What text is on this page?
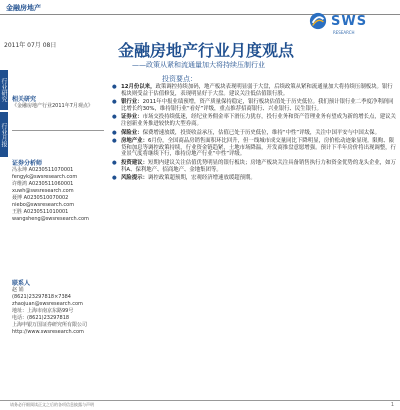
金融房地产
2011年 07月 08日
SWS
RESEARCH
行业研究
行业月报
金融房地产行业月度观点
——政策从紧和流通量加大将持续压制行业
投资要点：
相关研究
《金融房地产行业2011年7月观点》
证券分析师
冯永坤 A0230511070001
fengyk@swsresearch.com
许维鸿 A0230511060001
xuwh@swsresearch.com
聂博 A0230510070002
niebo@swsresearch.com
王胜 A0230511010001
wangsheng@swsresearch.com
联系人
赵 娟
(8621)23297818×7384
zhaojuan@swsresearch.com
地址：上海市南京东路99号
电话：(8621)23297818
上海申银万国证券研究所有限公司
http://www.swsresearch.com
● 12月份以来，政策调控持续加码，地产板块表现明显弱于大盘，后续政策从紧和流通量加大将持续压制板块。银行板块则受益于估值修复，表现明显好于大盘。建议关注低估值银行股。
● 银行业：2011年中报业绩预增，资产质量保持稳定，银行板块估值处于历史低位。我们预计银行业二季度净利润同比增长约30%，维持银行业“看好”评级，重点推荐招商银行、兴业银行、民生银行。
● 证券业：市场交投持续低迷，经纪业务佣金率下滑压力犹存，投行业务和资产管理业务有望成为新的增长点，建议关注创新业务推进较快的大型券商。
● 保险业：保费增速放缓，投资收益承压，估值已处于历史低位，维持“中性”评级，关注中国平安与中国太保。
● 房地产业：6月份，全国商品房销售面积环比回升，但一线城市成交量同比下降明显，房价松动迹象显现。限购、限贷和加息等调控政策持续，行业资金链趋紧，土地市场降温，开发商推盘意愿增强。预计下半年房价将出现调整，行业景气度将继续下行，维持房地产行业“中性”评级。
● 投资建议：短期内建议关注估值优势明显的银行板块；房地产板块关注具备销售执行力和资金优势的龙头企业，如万科A、保利地产、招商地产、金地集团等。
● 风险提示：调控政策超预期，宏观经济增速放缓超预期。
请务必仔细阅读正文之后的各项信息披露与声明	1
